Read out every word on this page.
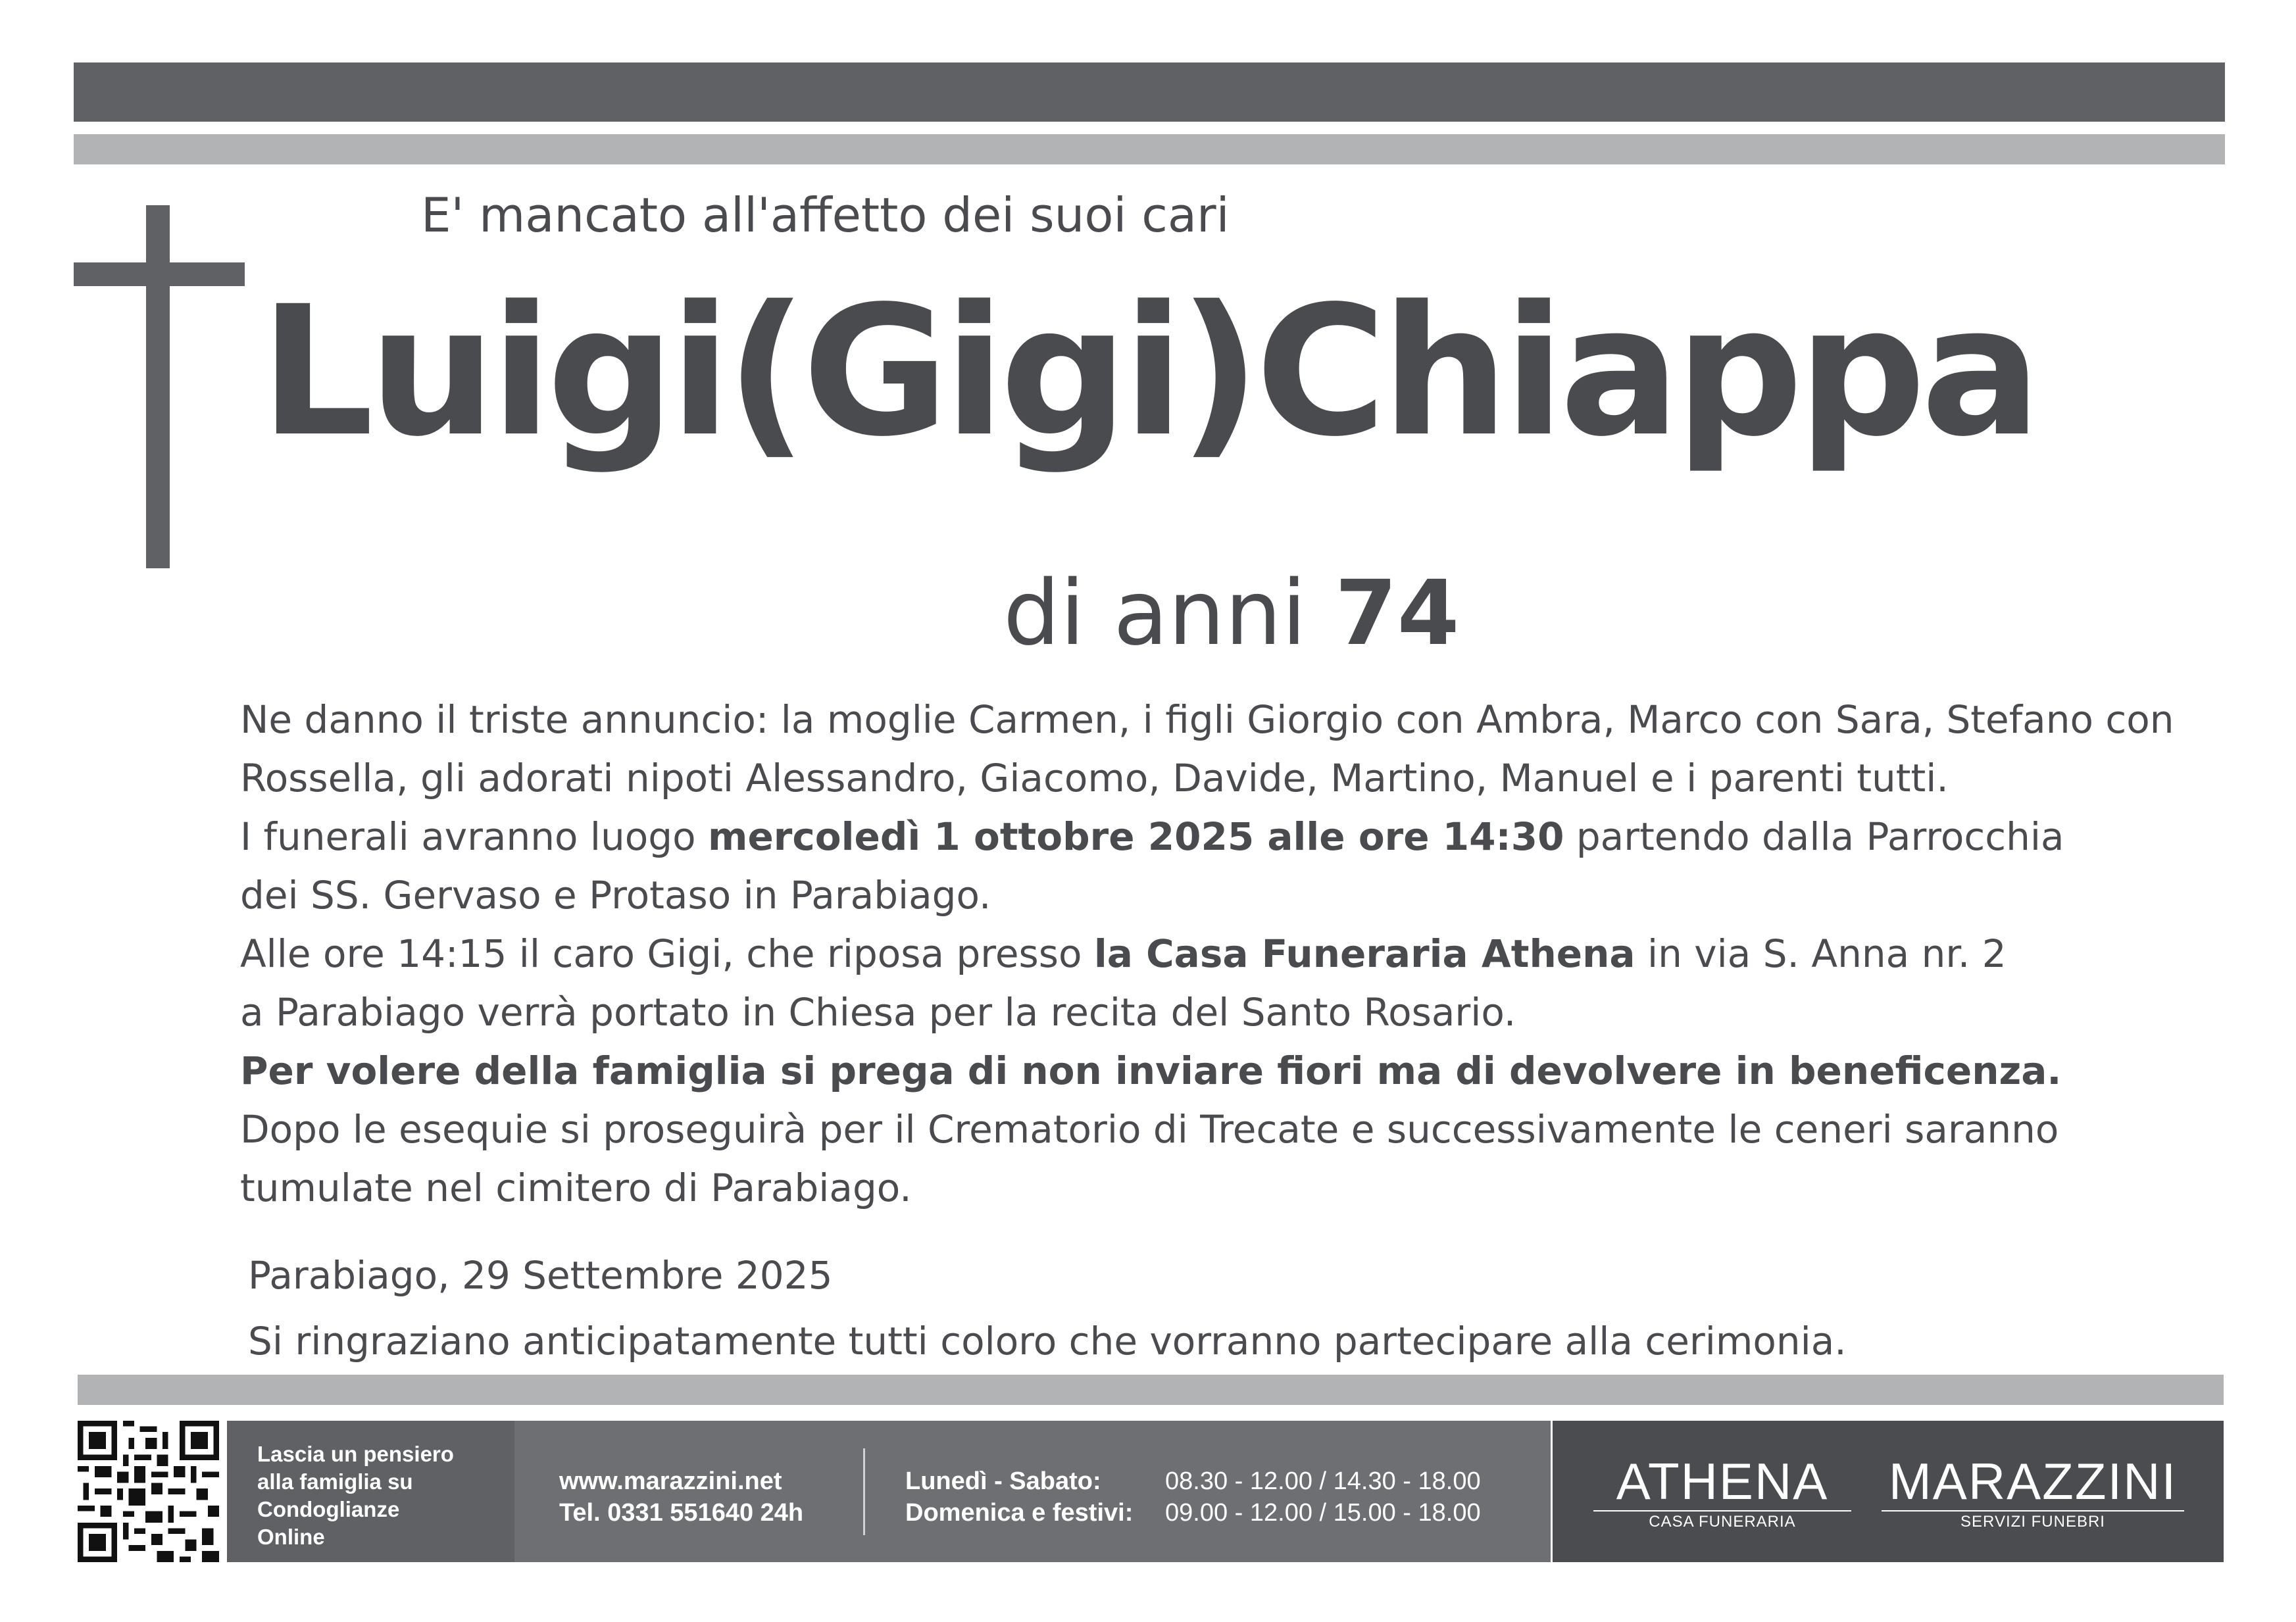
E' mancato all'affetto dei suoi cari
Luigi(Gigi)Chiappa
di anni 74

Ne danno il triste annuncio: la moglie Carmen, i figli Giorgio con Ambra, Marco con Sara, Stefano con

Rossella, gli adorati nipoti Alessandro, Giacomo, Davide, Martino, Manuel e i parenti tutti.

I funerali avranno luogo mercoledì 1 ottobre 2025 alle ore 14:30 partendo dalla Parrocchia

dei SS. Gervaso e Protaso in Parabiago.

Alle ore 14:15 il caro Gigi, che riposa presso la Casa Funeraria Athena in via S. Anna nr. 2

a Parabiago verrà portato in Chiesa per la recita del Santo Rosario.

Per volere della famiglia si prega di non inviare fiori ma di devolvere in beneficenza.

Dopo le esequie si proseguirà per il Crematorio di Trecate e successivamente le ceneri saranno

tumulate nel cimitero di Parabiago.

Parabiago, 29 Settembre 2025
Si ringraziano anticipatamente tutti coloro che vorranno partecipare alla cerimonia.
Lascia un pensiero
alla famiglia su
Condoglianze
Online
www.marazzini.net
Tel. 0331 551640 24h
Lunedì - Sabato:	08.30 - 12.00 / 14.30 - 18.00
Domenica e festivi: 09.00 - 12.00 / 15.00 - 18.00
ATHENA
CASA FUNERARIA
MARAZZINI
SERVIZI FUNEBRI
